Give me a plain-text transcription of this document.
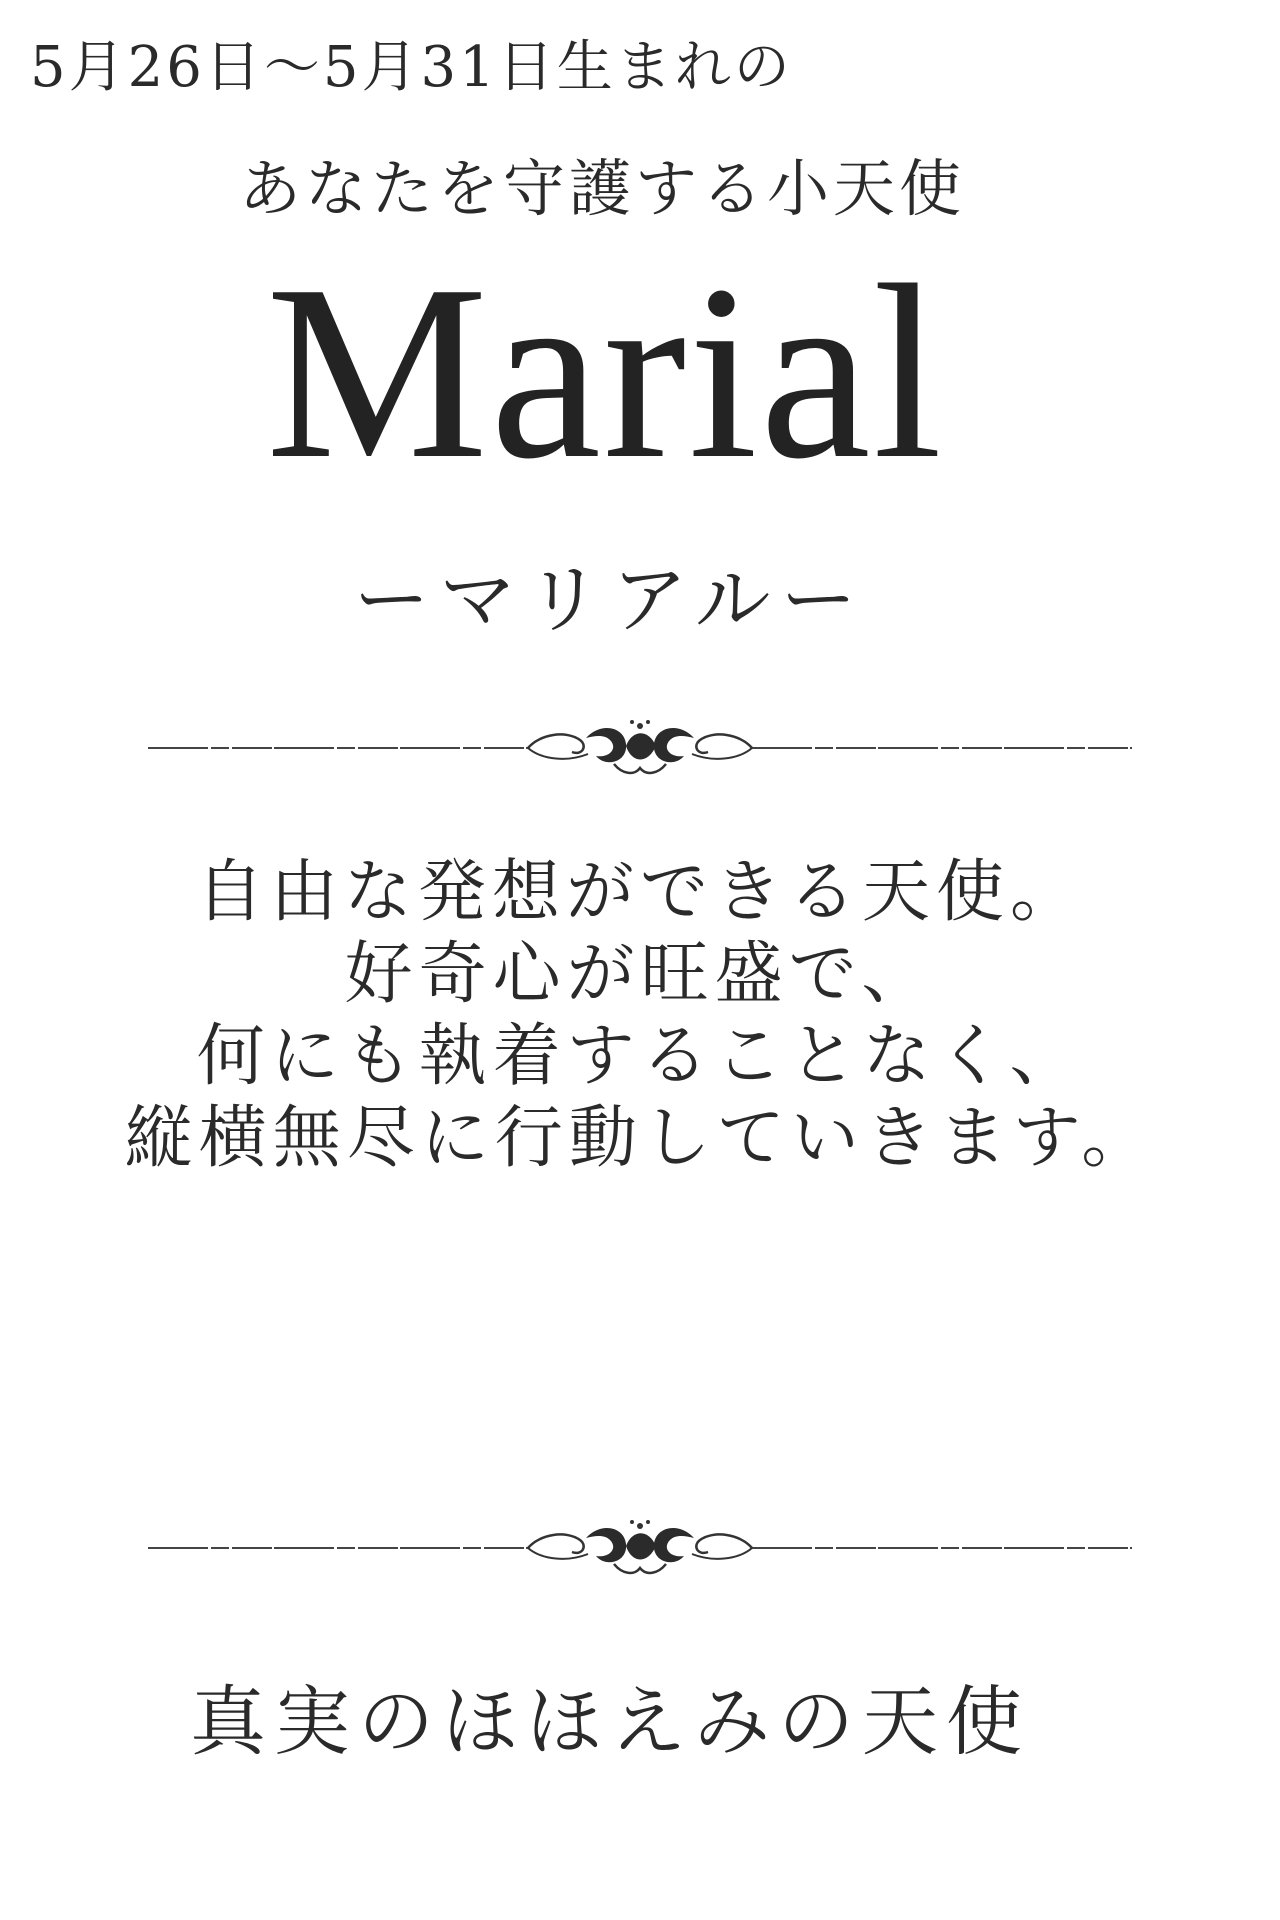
5月26日～5月31日生まれの
あなたを守護する小天使
Marial
ーマリアルー
自由な発想ができる天使。
好奇心が旺盛で、
何にも執着することなく、
縦横無尽に行動していきます。
真実のほほえみの天使
